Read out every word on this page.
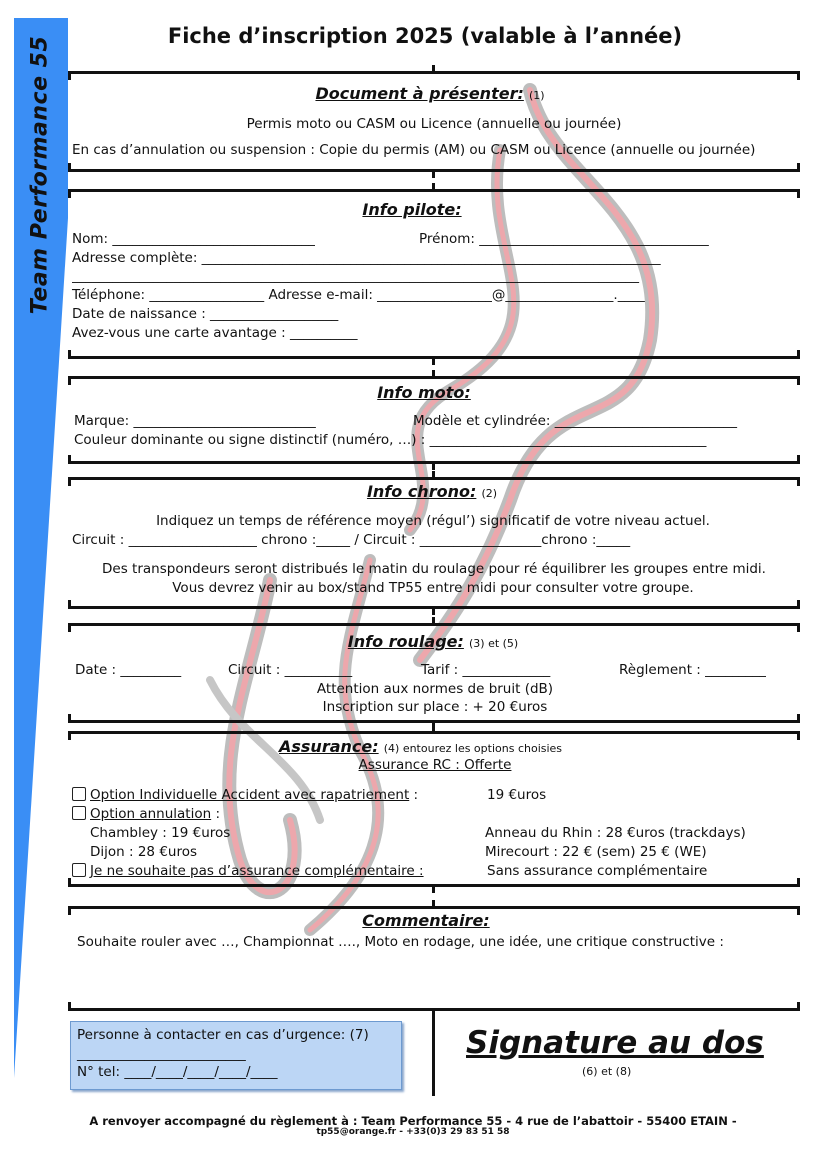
Team Performance 55	Fiche d’inscription 2025 (valable à l’année)
Document à présenter: (1)
Permis moto ou CASM ou Licence (annuelle ou journée)
En cas d’annulation ou suspension : Copie du permis (AM) ou CASM ou Licence (annuelle ou journée)
Info pilote:
Nom: ______________________________	Prénom: __________________________________
Adresse complète: ____________________________________________________________________
____________________________________________________________________________________
Téléphone: _________________ Adresse e-mail: _________________@________________.____
Date de naissance : ___________________
Avez-vous une carte avantage : __________
Info moto:
Marque: ___________________________	Modèle et cylindrée: ___________________________
Couleur dominante ou signe distinctif (numéro, …) : _________________________________________
Info chrono: (2)
Indiquez un temps de référence moyen (régul’) significatif de votre niveau actuel.
Circuit : ___________________ chrono :_____ / Circuit : __________________chrono :_____
Des transpondeurs seront distribués le matin du roulage pour ré équilibrer les groupes entre midi.
Vous devrez venir au box/stand TP55 entre midi pour consulter votre groupe.
Info roulage: (3) et (5)
Date : _________	Circuit : __________	Tarif : _____________	Règlement : _________
Attention aux normes de bruit (dB)
Inscription sur place : + 20 €uros
Assurance: (4) entourez les options choisies
Assurance RC : Offerte
Option Individuelle Accident avec rapatriement :	19 €uros
Option annulation :
Chambley : 19 €uros	Anneau du Rhin : 28 €uros (trackdays)
Dijon : 28 €uros	Mirecourt : 22 € (sem) 25 € (WE)
Je ne souhaite pas d’assurance complémentaire :	Sans assurance complémentaire
Commentaire:
Souhaite rouler avec …, Championnat …., Moto en rodage, une idée, une critique constructive :
Personne à contacter en cas d’urgence: (7)
_________________________
N° tel: ____/____/____/____/____
Signature au dos
(6) et (8)
A renvoyer accompagné du règlement à : Team Performance 55 - 4 rue de l’abattoir - 55400 ETAIN -
tp55@orange.fr - +33(0)3 29 83 51 58
